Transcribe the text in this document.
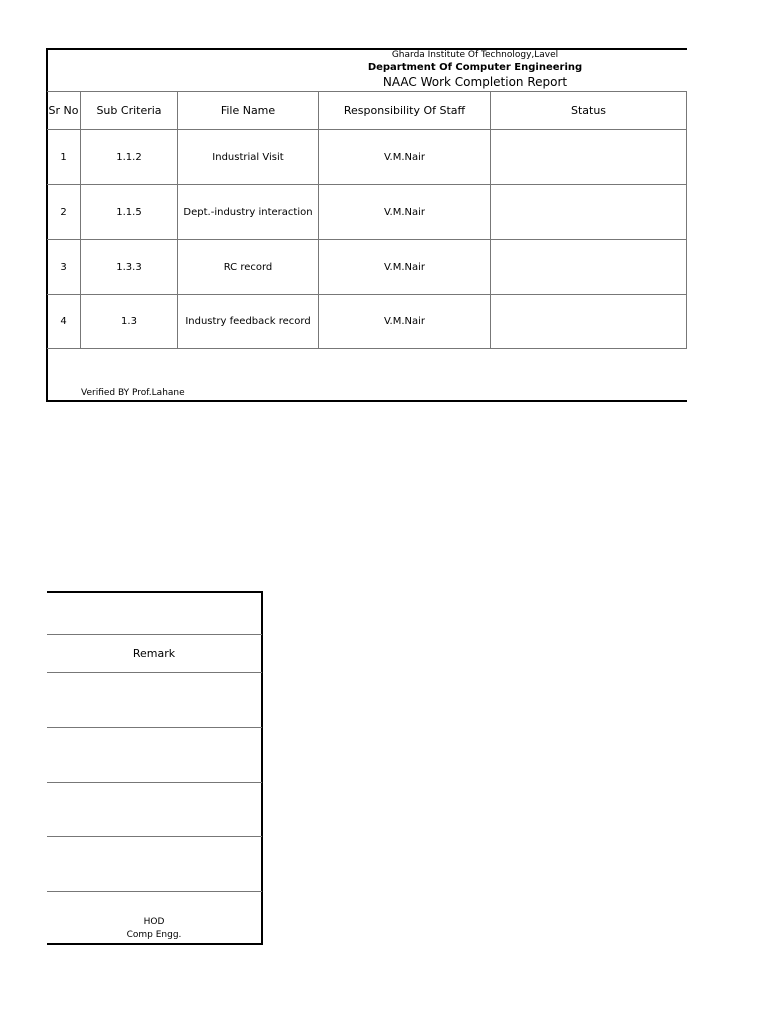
Gharda Institute Of Technology,Lavel
Department Of Computer Engineering
NAAC Work Completion Report
Sr No	Sub Criteria	File Name	Responsibility Of Staff	Status
1	1.1.2	Industrial Visit	V.M.Nair
2	1.1.5	Dept.-industry interaction	V.M.Nair
3	1.3.3	RC record	V.M.Nair
4	1.3	Industry feedback record	V.M.Nair
Verified BY Prof.Lahane
Remark
HOD
Comp Engg.
